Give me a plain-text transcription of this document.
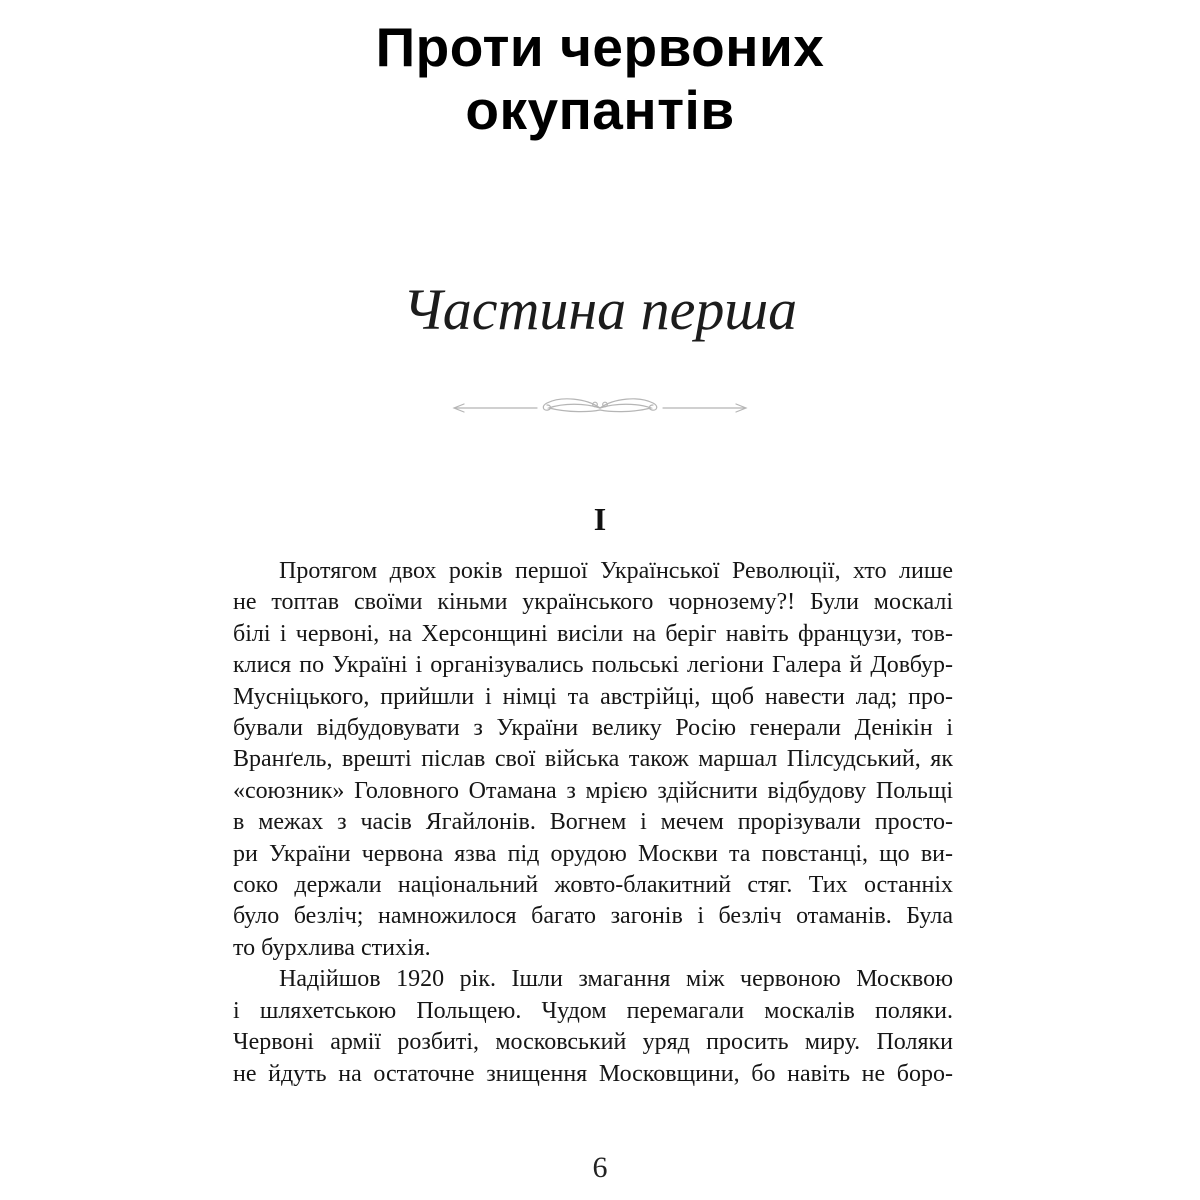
Проти червоних
окупантів
Частина перша
I

Протягом двох років першої Української Революції, хто лише

не топтав своїми кіньми українського чорнозему?! Були москалі

білі і червоні, на Херсонщині висіли на беріг навіть французи, тов-

клися по Україні і організувались польські легіони Галера й Довбур-

Мусніцького, прийшли і німці та австрійці, щоб навести лад; про-

бували відбудовувати з України велику Росію генерали Денікін і

Вранґель, врешті післав свої війська також маршал Пілсудський, як

«союзник» Головного Отамана з мрією здійснити відбудову Польщі

в межах з часів Ягайлонів. Вогнем і мечем прорізували просто-

ри України червона язва під орудою Москви та повстанці, що ви-

соко держали національний жовто-блакитний стяг. Тих останніх

було безліч; намножилося багато загонів і безліч отаманів. Була

то бурхлива стихія.

Надійшов 1920 рік. Ішли змагання між червоною Москвою

і шляхетською Польщею. Чудом перемагали москалів поляки.

Червоні армії розбиті, московський уряд просить миру. Поляки

не йдуть на остаточне знищення Московщини, бо навіть не боро-

6
